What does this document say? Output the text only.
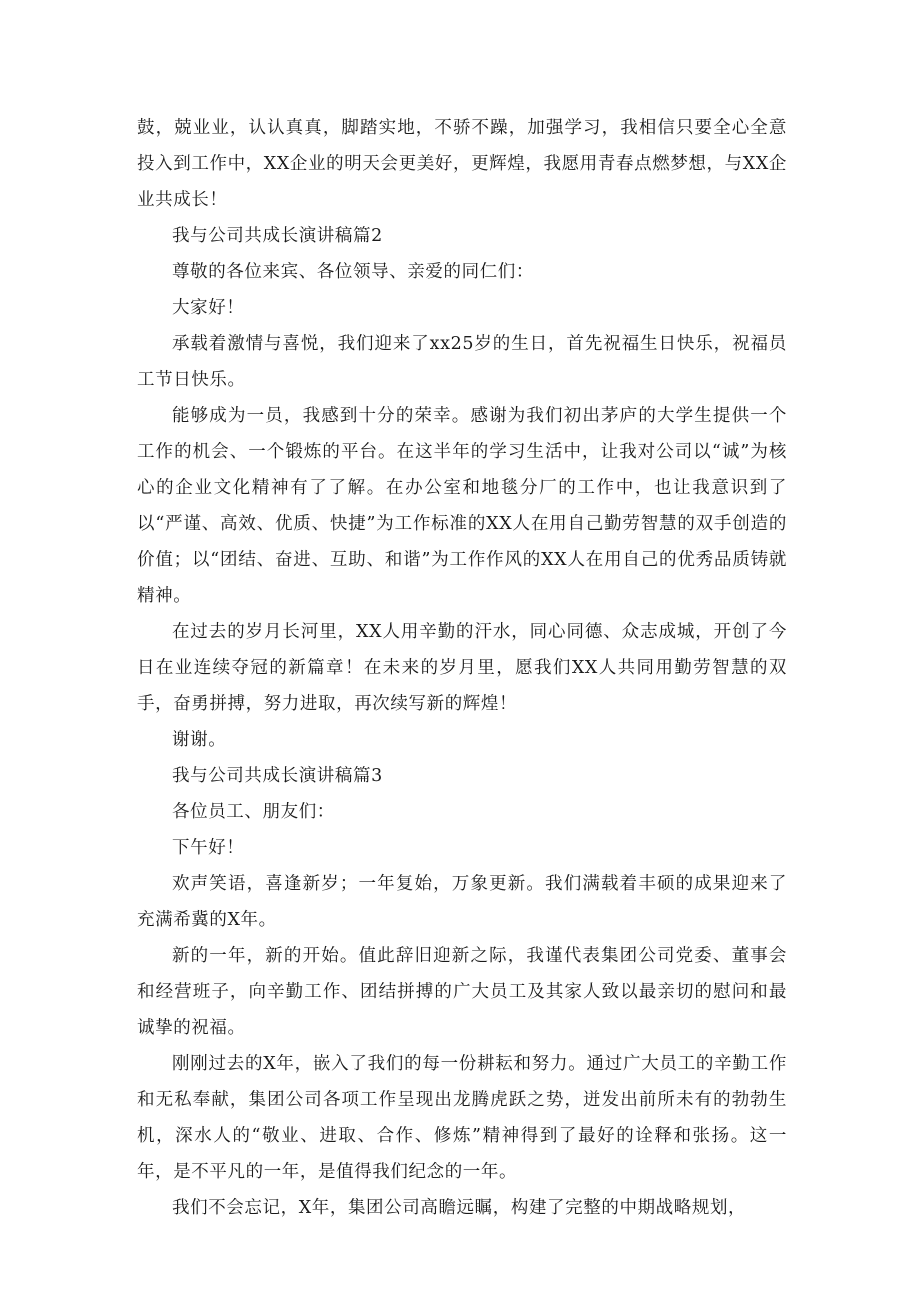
鼓，兢业业，认认真真，脚踏实地，不骄不躁，加强学习，我相信只要全心全意投入到工作中，XX企业的明天会更美好，更辉煌，我愿用青春点燃梦想，与XX企业共成长！

我与公司共成长演讲稿篇2

尊敬的各位来宾、各位领导、亲爱的同仁们：

大家好！

承载着激情与喜悦，我们迎来了xx25岁的生日，首先祝福生日快乐，祝福员工节日快乐。

能够成为一员，我感到十分的荣幸。感谢为我们初出茅庐的大学生提供一个工作的机会、一个锻炼的平台。在这半年的学习生活中，让我对公司以“诚”为核心的企业文化精神有了了解。在办公室和地毯分厂的工作中，也让我意识到了以“严谨、高效、优质、快捷”为工作标准的XX人在用自己勤劳智慧的双手创造的价值；以“团结、奋进、互助、和谐”为工作作风的XX人在用自己的优秀品质铸就精神。

在过去的岁月长河里，XX人用辛勤的汗水，同心同德、众志成城，开创了今日在业连续夺冠的新篇章！在未来的岁月里，愿我们XX人共同用勤劳智慧的双手，奋勇拼搏，努力进取，再次续写新的辉煌！

谢谢。

我与公司共成长演讲稿篇3

各位员工、朋友们：

下午好！

欢声笑语，喜逢新岁；一年复始，万象更新。我们满载着丰硕的成果迎来了充满希冀的X年。

新的一年，新的开始。值此辞旧迎新之际，我谨代表集团公司党委、董事会和经营班子，向辛勤工作、团结拼搏的广大员工及其家人致以最亲切的慰问和最诚挚的祝福。

刚刚过去的X年，嵌入了我们的每一份耕耘和努力。通过广大员工的辛勤工作和无私奉献，集团公司各项工作呈现出龙腾虎跃之势，迸发出前所未有的勃勃生机，深水人的“敬业、进取、合作、修炼”精神得到了最好的诠释和张扬。这一年，是不平凡的一年，是值得我们纪念的一年。

我们不会忘记，X年，集团公司高瞻远瞩，构建了完整的中期战略规划，
